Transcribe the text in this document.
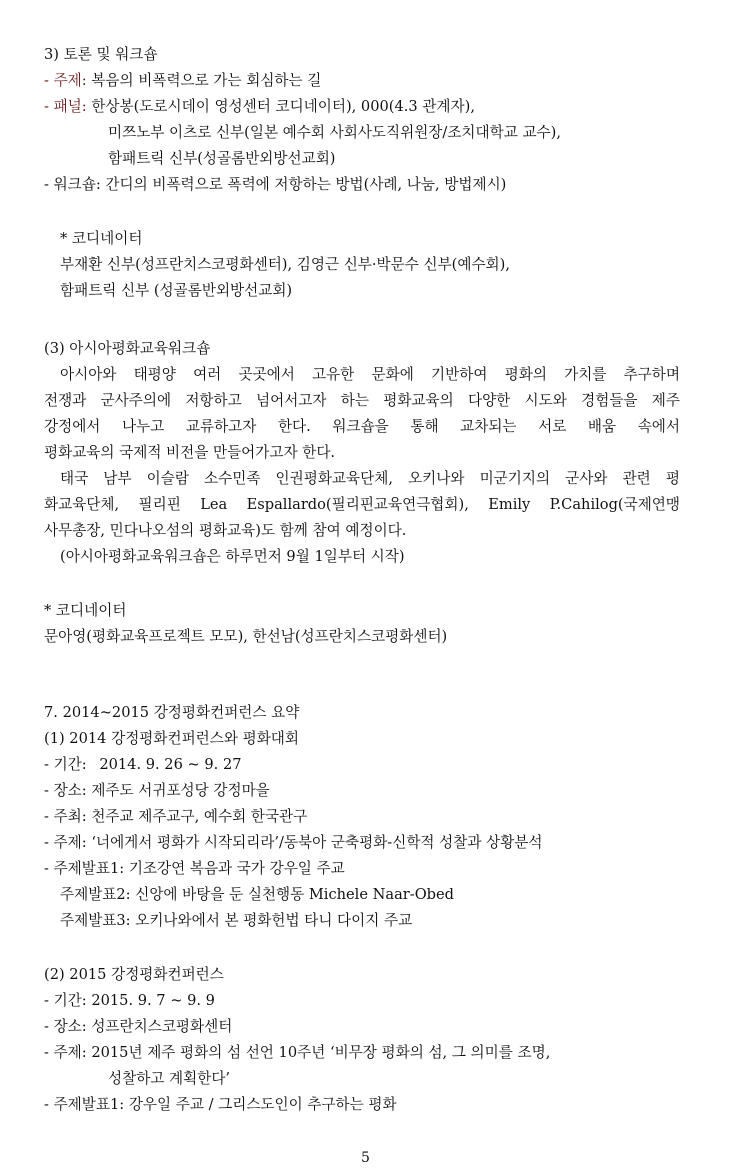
3) 토론 및 워크숍
- 주제: 복음의 비폭력으로 가는 회심하는 길
- 패널: 한상봉(도로시데이 영성센터 코디네이터), 000(4.3 관계자),
미쯔노부 이츠로 신부(일본 예수회 사회사도직위원장/조치대학교 교수),
함패트릭 신부(성골롬반외방선교회)
- 워크숍: 간디의 비폭력으로 폭력에 저항하는 방법(사례, 나눔, 방법제시)
* 코디네이터
부재환 신부(성프란치스코평화센터), 김영근 신부·박문수 신부(예수회),
함패트릭 신부 (성골롬반외방선교회)
(3) 아시아평화교육워크숍
아시아와 태평양 여러 곳곳에서 고유한 문화에 기반하여 평화의 가치를 추구하며
전쟁과 군사주의에 저항하고 넘어서고자 하는 평화교육의 다양한 시도와 경험들을 제주
강정에서 나누고 교류하고자 한다. 워크숍을 통해 교차되는 서로 배움 속에서
평화교육의 국제적 비전을 만들어가고자 한다.
태국 남부 이슬람 소수민족 인권평화교육단체, 오키나와 미군기지의 군사와 관련 평
화교육단체, 필리핀 Lea Espallardo(필리핀교육연극협회), Emily P.Cahilog(국제연맹
사무총장, 민다나오섬의 평화교육)도 함께 참여 예정이다.
(아시아평화교육워크숍은 하루먼저 9월 1일부터 시작)
* 코디네이터
문아영(평화교육프로젝트 모모), 한선남(성프란치스코평화센터)
7. 2014~2015 강정평화컨퍼런스 요약
(1) 2014 강정평화컨퍼런스와 평화대회
- 기간: 2014. 9. 26 ~ 9. 27
- 장소: 제주도 서귀포성당 강정마을
- 주최: 천주교 제주교구, 예수회 한국관구
- 주제: ‘너에게서 평화가 시작되리라’/동북아 군축평화-신학적 성찰과 상황분석
- 주제발표1: 기조강연 복음과 국가 강우일 주교
주제발표2: 신앙에 바탕을 둔 실천행동 Michele Naar-Obed
주제발표3: 오키나와에서 본 평화헌법 타니 다이지 주교
(2) 2015 강정평화컨퍼런스
- 기간: 2015. 9. 7 ~ 9. 9
- 장소: 성프란치스코평화센터
- 주제: 2015년 제주 평화의 섬 선언 10주년 ‘비무장 평화의 섬, 그 의미를 조명,
성찰하고 계획한다’
- 주제발표1: 강우일 주교 / 그리스도인이 추구하는 평화
5
